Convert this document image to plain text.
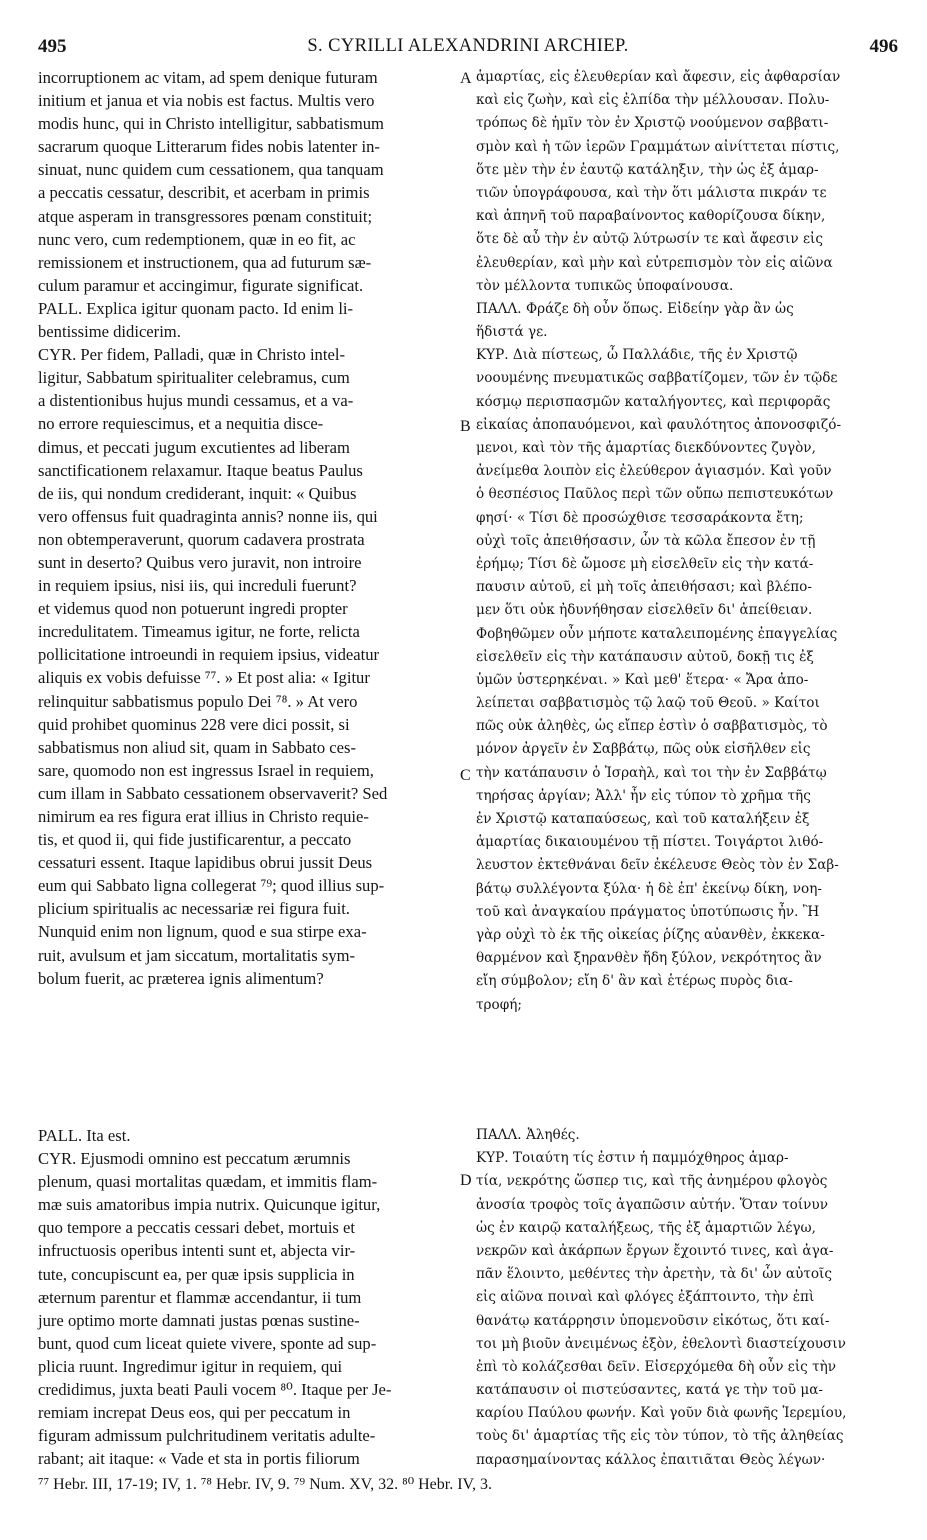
495	S. CYRILLI ALEXANDRINI ARCHIEP.	496
incorruptionem ac vitam, ad spem denique futuram
initium et janua et via nobis est factus. Multis vero
modis hunc, qui in Christo intelligitur, sabbatismum
sacrarum quoque Litterarum fides nobis latenter in-
sinuat, nunc quidem cum cessationem, qua tanquam
a peccatis cessatur, describit, et acerbam in primis
atque asperam in transgressores pœnam constituit;
nunc vero, cum redemptionem, quæ in eo fit, ac
remissionem et instructionem, qua ad futurum sæ-
culum paramur et accingimur, figurate significat.
PALL. Explica igitur quonam pacto. Id enim li-
bentissime didicerim.
CYR. Per fidem, Palladi, quæ in Christo intel-
ligitur, Sabbatum spiritualiter celebramus, cum
a distentionibus hujus mundi cessamus, et a va-
no errore requiescimus, et a nequitia disce-
dimus, et peccati jugum excutientes ad liberam
sanctificationem relaxamur. Itaque beatus Paulus
de iis, qui nondum crediderant, inquit: « Quibus
vero offensus fuit quadraginta annis? nonne iis, qui
non obtemperaverunt, quorum cadavera prostrata
sunt in deserto? Quibus vero juravit, non introire
in requiem ipsius, nisi iis, qui increduli fuerunt?
et videmus quod non potuerunt ingredi propter
incredulitatem. Timeamus igitur, ne forte, relicta
pollicitatione introeundi in requiem ipsius, videatur
aliquis ex vobis defuisse ⁷⁷. » Et post alia: « Igitur
relinquitur sabbatismus populo Dei ⁷⁸. » At vero
quid prohibet quominus 228 vere dici possit, si
sabbatismus non aliud sit, quam in Sabbato ces-
sare, quomodo non est ingressus Israel in requiem,
cum illam in Sabbato cessationem observaverit? Sed
nimirum ea res figura erat illius in Christo requie-
tis, et quod ii, qui fide justificarentur, a peccato
cessaturi essent. Itaque lapidibus obrui jussit Deus
eum qui Sabbato ligna collegerat ⁷⁹; quod illius sup-
plicium spiritualis ac necessariæ rei figura fuit.
Nunquid enim non lignum, quod e sua stirpe exa-
ruit, avulsum et jam siccatum, mortalitatis sym-
bolum fuerit, ac præterea ignis alimentum?
PALL. Ita est.
CYR. Ejusmodi omnino est peccatum ærumnis
plenum, quasi mortalitas quædam, et immitis flam-
mæ suis amatoribus impia nutrix. Quicunque igitur,
quo tempore a peccatis cessari debet, mortuis et
infructuosis operibus intenti sunt et, abjecta vir-
tute, concupiscunt ea, per quæ ipsis supplicia in
æternum parentur et flammæ accendantur, ii tum
jure optimo morte damnati justas pœnas sustine-
bunt, quod cum liceat quiete vivere, sponte ad sup-
plicia ruunt. Ingredimur igitur in requiem, qui
credidimus, juxta beati Pauli vocem ⁸⁰. Itaque per Je-
remiam increpat Deus eos, qui per peccatum in
figuram admissum pulchritudinem veritatis adulte-
rabant; ait itaque: « Vade et sta in portis filiorum
ἁμαρτίας, εἰς ἐλευθερίαν καὶ ἄφεσιν, εἰς ἀφθαρσίαν
καὶ εἰς ζωὴν, καὶ εἰς ἐλπίδα τὴν μέλλουσαν. Πολυ-
τρόπως δὲ ἡμῖν τὸν ἐν Χριστῷ νοούμενον σαββατι-
σμὸν καὶ ἡ τῶν ἱερῶν Γραμμάτων αἰνίττεται πίστις,
ὅτε μὲν τὴν ἐν ἑαυτῷ κατάληξιν, τὴν ὡς ἐξ ἁμαρ-
τιῶν ὑπογράφουσα, καὶ τὴν ὅτι μάλιστα πικράν τε
καὶ ἀπηνῆ τοῦ παραβαίνοντος καθορίζουσα δίκην,
ὅτε δὲ αὖ τὴν ἐν αὐτῷ λύτρωσίν τε καὶ ἄφεσιν εἰς
ἐλευθερίαν, καὶ μὴν καὶ εὐτρεπισμὸν τὸν εἰς αἰῶνα
τὸν μέλλοντα τυπικῶς ὑποφαίνουσα.
ΠΑΛΛ. Φράζε δὴ οὖν ὅπως. Εἰδείην γὰρ ἂν ὡς
ἥδιστά γε.
ΚΥΡ. Διὰ πίστεως, ὦ Παλλάδιε, τῆς ἐν Χριστῷ
νοουμένης πνευματικῶς σαββατίζομεν, τῶν ἐν τῷδε
κόσμῳ περισπασμῶν καταλήγοντες, καὶ περιφορᾶς
εἰκαίας ἀποπαυόμενοι, καὶ φαυλότητος ἀπονοσφιζό-
μενοι, καὶ τὸν τῆς ἁμαρτίας διεκδύνοντες ζυγὸν,
ἀνείμεθα λοιπὸν εἰς ἐλεύθερον ἁγιασμόν. Καὶ γοῦν
ὁ θεσπέσιος Παῦλος περὶ τῶν οὔπω πεπιστευκότων
φησί· « Τίσι δὲ προσώχθισε τεσσαράκοντα ἔτη;
οὐχὶ τοῖς ἀπειθήσασιν, ὧν τὰ κῶλα ἔπεσον ἐν τῇ
ἐρήμῳ; Τίσι δὲ ὤμοσε μὴ εἰσελθεῖν εἰς τὴν κατά-
παυσιν αὐτοῦ, εἰ μὴ τοῖς ἀπειθήσασι; καὶ βλέπο-
μεν ὅτι οὐκ ἠδυνήθησαν εἰσελθεῖν δι' ἀπείθειαν.
Φοβηθῶμεν οὖν μήποτε καταλειπομένης ἐπαγγελίας
εἰσελθεῖν εἰς τὴν κατάπαυσιν αὐτοῦ, δοκῇ τις ἐξ
ὑμῶν ὑστερηκέναι. » Καὶ μεθ' ἕτερα· « Ἄρα ἀπο-
λείπεται σαββατισμὸς τῷ λαῷ τοῦ Θεοῦ. » Καίτοι
πῶς οὐκ ἀληθὲς, ὡς εἴπερ ἐστὶν ὁ σαββατισμὸς, τὸ
μόνον ἀργεῖν ἐν Σαββάτῳ, πῶς οὐκ εἰσῆλθεν εἰς
τὴν κατάπαυσιν ὁ Ἰσραὴλ, καὶ τοι τὴν ἐν Σαββάτῳ
τηρήσας ἀργίαν; Ἀλλ' ἦν εἰς τύπον τὸ χρῆμα τῆς
ἐν Χριστῷ καταπαύσεως, καὶ τοῦ καταλήξειν ἐξ
ἁμαρτίας δικαιουμένου τῇ πίστει. Τοιγάρτοι λιθό-
λευστον ἐκτεθνάναι δεῖν ἐκέλευσε Θεὸς τὸν ἐν Σαβ-
βάτῳ συλλέγοντα ξύλα· ἡ δὲ ἐπ' ἐκείνῳ δίκη, νοη-
τοῦ καὶ ἀναγκαίου πράγματος ὑποτύπωσις ἦν. Ἢ
γὰρ οὐχὶ τὸ ἐκ τῆς οἰκείας ῥίζης αὐανθὲν, ἐκκεκα-
θαρμένον καὶ ξηρανθὲν ἤδη ξύλον, νεκρότητος ἂν
εἴη σύμβολον; εἴη δ' ἂν καὶ ἑτέρως πυρὸς δια-
τροφή;
ΠΑΛΛ. Ἀληθές.
ΚΥΡ. Τοιαύτη τίς ἐστιν ἡ παμμόχθηρος ἁμαρ-
τία, νεκρότης ὥσπερ τις, καὶ τῆς ἀνημέρου φλογὸς
ἀνοσία τροφὸς τοῖς ἀγαπῶσιν αὐτήν. Ὅταν τοίνυν
ὡς ἐν καιρῷ καταλήξεως, τῆς ἐξ ἁμαρτιῶν λέγω,
νεκρῶν καὶ ἀκάρπων ἔργων ἔχοιντό τινες, καὶ ἀγα-
πᾶν ἕλοιντο, μεθέντες τὴν ἀρετὴν, τὰ δι' ὧν αὐτοῖς
εἰς αἰῶνα ποιναὶ καὶ φλόγες ἐξάπτοιντο, τὴν ἐπὶ
θανάτῳ κατάρρησιν ὑπομενοῦσιν εἰκότως, ὅτι καί-
τοι μὴ βιοῦν ἀνειμένως ἐξὸν, ἐθελοντὶ διαστείχουσιν
ἐπὶ τὸ κολάζεσθαι δεῖν. Εἰσερχόμεθα δὴ οὖν εἰς τὴν
κατάπαυσιν οἱ πιστεύσαντες, κατά γε τὴν τοῦ μα-
καρίου Παύλου φωνήν. Καὶ γοῦν διὰ φωνῆς Ἱερεμίου,
τοὺς δι' ἁμαρτίας τῆς εἰς τὸν τύπον, τὸ τῆς ἀληθείας
παρασημαίνοντας κάλλος ἐπαιτιᾶται Θεὸς λέγων·
A
B
C
D
⁷⁷ Hebr. III, 17-19; IV, 1. ⁷⁸ Hebr. IV, 9. ⁷⁹ Num. XV, 32. ⁸⁰ Hebr. IV, 3.
